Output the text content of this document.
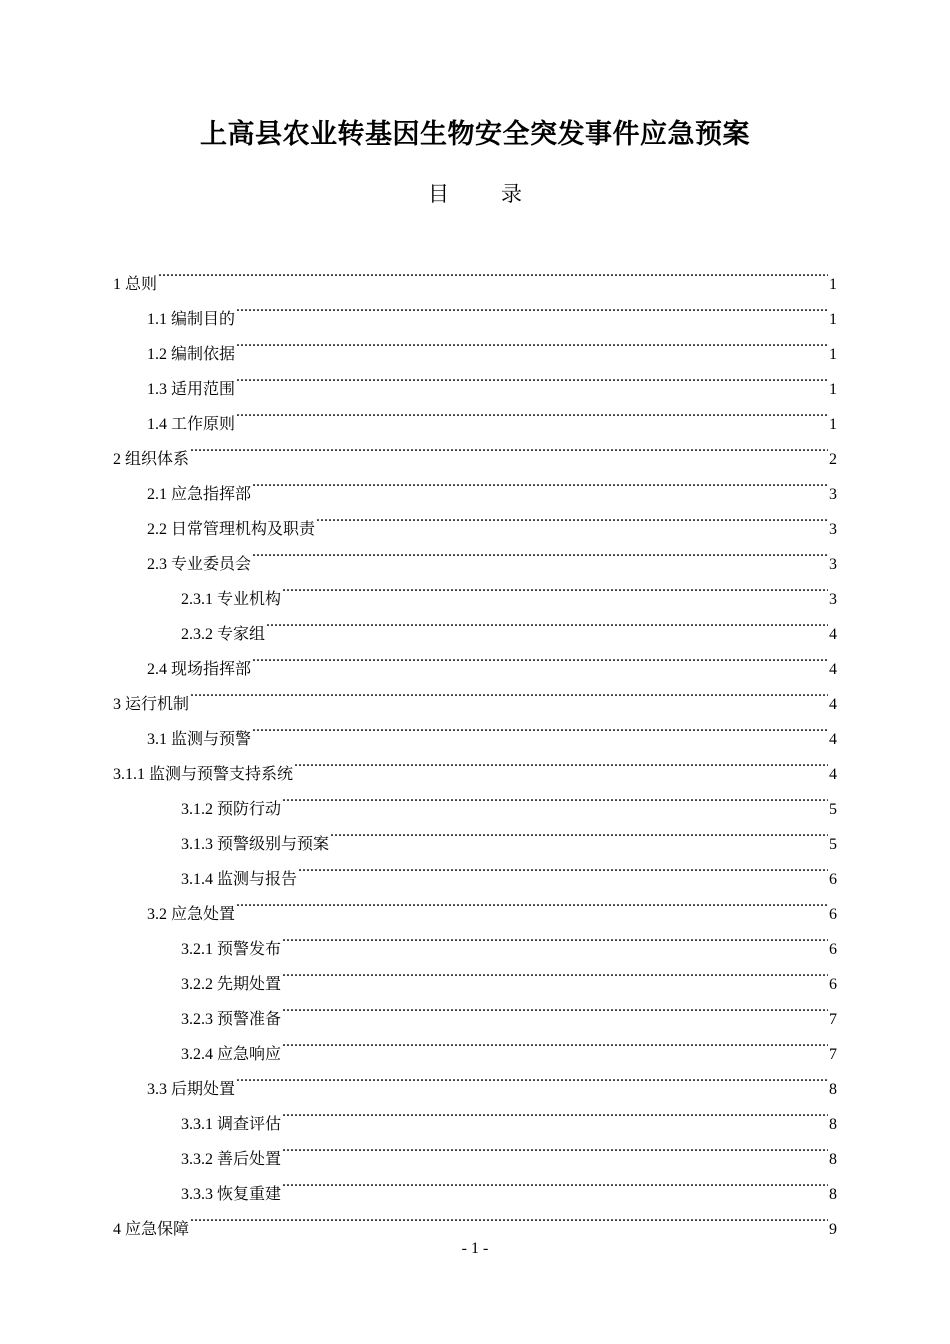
上高县农业转基因生物安全突发事件应急预案
目 录
1 总则 .....	1
1.1 编制目的 .....	1
1.2 编制依据 .....	1
1.3 适用范围 .....	1
1.4 工作原则 .....	1
2 组织体系 .....	2
2.1 应急指挥部 .....	3
2.2 日常管理机构及职责 .....	3
2.3 专业委员会 .....	3
2.3.1 专业机构 .....	3
2.3.2 专家组 .....	4
2.4 现场指挥部 .....	4
3 运行机制 .....	4
3.1 监测与预警 .....	4
3.1.1 监测与预警支持系统 .....	4
3.1.2 预防行动 .....	5
3.1.3 预警级别与预案 .....	5
3.1.4 监测与报告 .....	6
3.2 应急处置 .....	6
3.2.1 预警发布 .....	6
3.2.2 先期处置 .....	6
3.2.3 预警准备 .....	7
3.2.4 应急响应 .....	7
3.3 后期处置 .....	8
3.3.1 调查评估 .....	8
3.3.2 善后处置 .....	8
3.3.3 恢复重建 .....	8
4 应急保障 .....	9
- 1 -
